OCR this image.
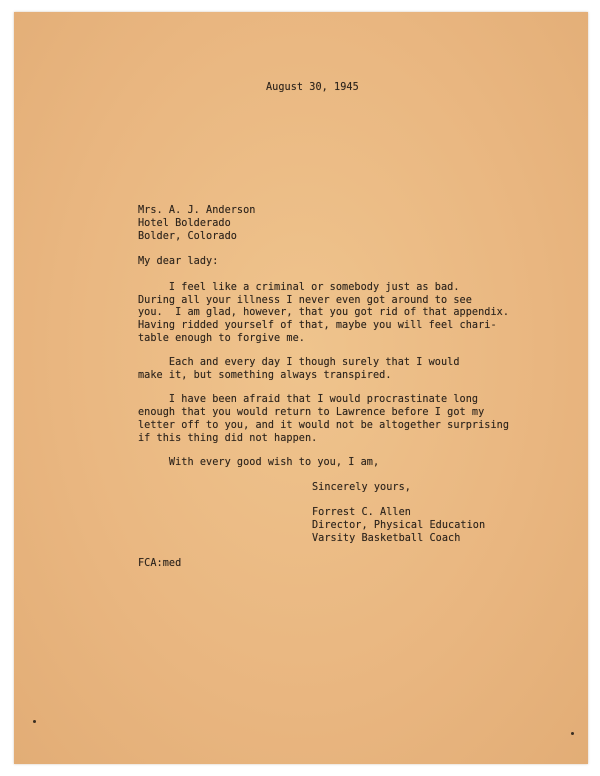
August 30, 1945
Mrs. A. J. Anderson
Hotel Bolderado
Bolder, Colorado
My dear lady:
I feel like a criminal or somebody just as bad.
During all your illness I never even got around to see
you.  I am glad, however, that you got rid of that appendix.
Having ridded yourself of that, maybe you will feel chari-
table enough to forgive me.
Each and every day I though surely that I would
make it, but something always transpired.
I have been afraid that I would procrastinate long
enough that you would return to Lawrence before I got my
letter off to you, and it would not be altogether surprising
if this thing did not happen.
With every good wish to you, I am,
Sincerely yours,
Forrest C. Allen
Director, Physical Education
Varsity Basketball Coach
FCA:med
